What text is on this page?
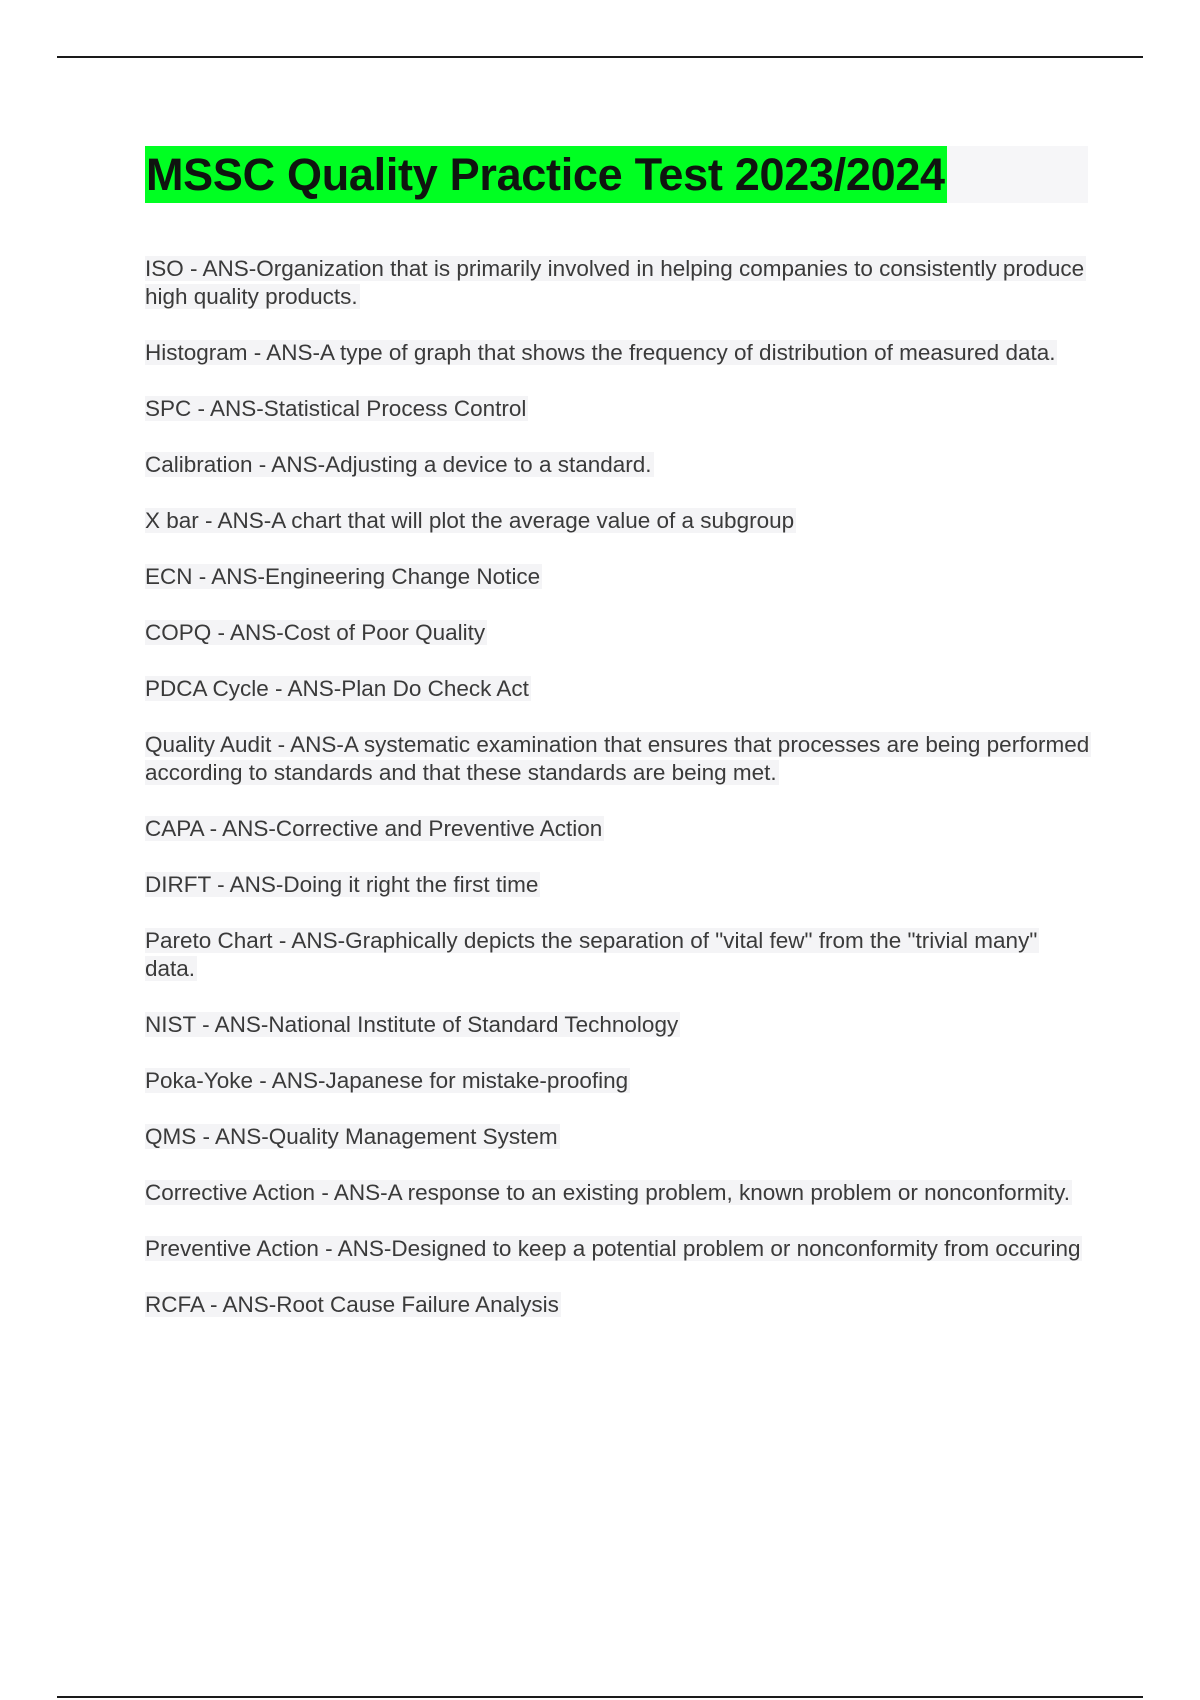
MSSC Quality Practice Test 2023/2024
ISO - ANS-Organization that is primarily involved in helping companies to consistently produce high quality products.
Histogram - ANS-A type of graph that shows the frequency of distribution of measured data.
SPC - ANS-Statistical Process Control
Calibration - ANS-Adjusting a device to a standard.
X bar - ANS-A chart that will plot the average value of a subgroup
ECN - ANS-Engineering Change Notice
COPQ - ANS-Cost of Poor Quality
PDCA Cycle - ANS-Plan Do Check Act
Quality Audit - ANS-A systematic examination that ensures that processes are being performed according to standards and that these standards are being met.
CAPA - ANS-Corrective and Preventive Action
DIRFT - ANS-Doing it right the first time
Pareto Chart - ANS-Graphically depicts the separation of "vital few" from the "trivial many" data.
NIST - ANS-National Institute of Standard Technology
Poka-Yoke - ANS-Japanese for mistake-proofing
QMS - ANS-Quality Management System
Corrective Action - ANS-A response to an existing problem, known problem or nonconformity.
Preventive Action - ANS-Designed to keep a potential problem or nonconformity from occuring
RCFA - ANS-Root Cause Failure Analysis
